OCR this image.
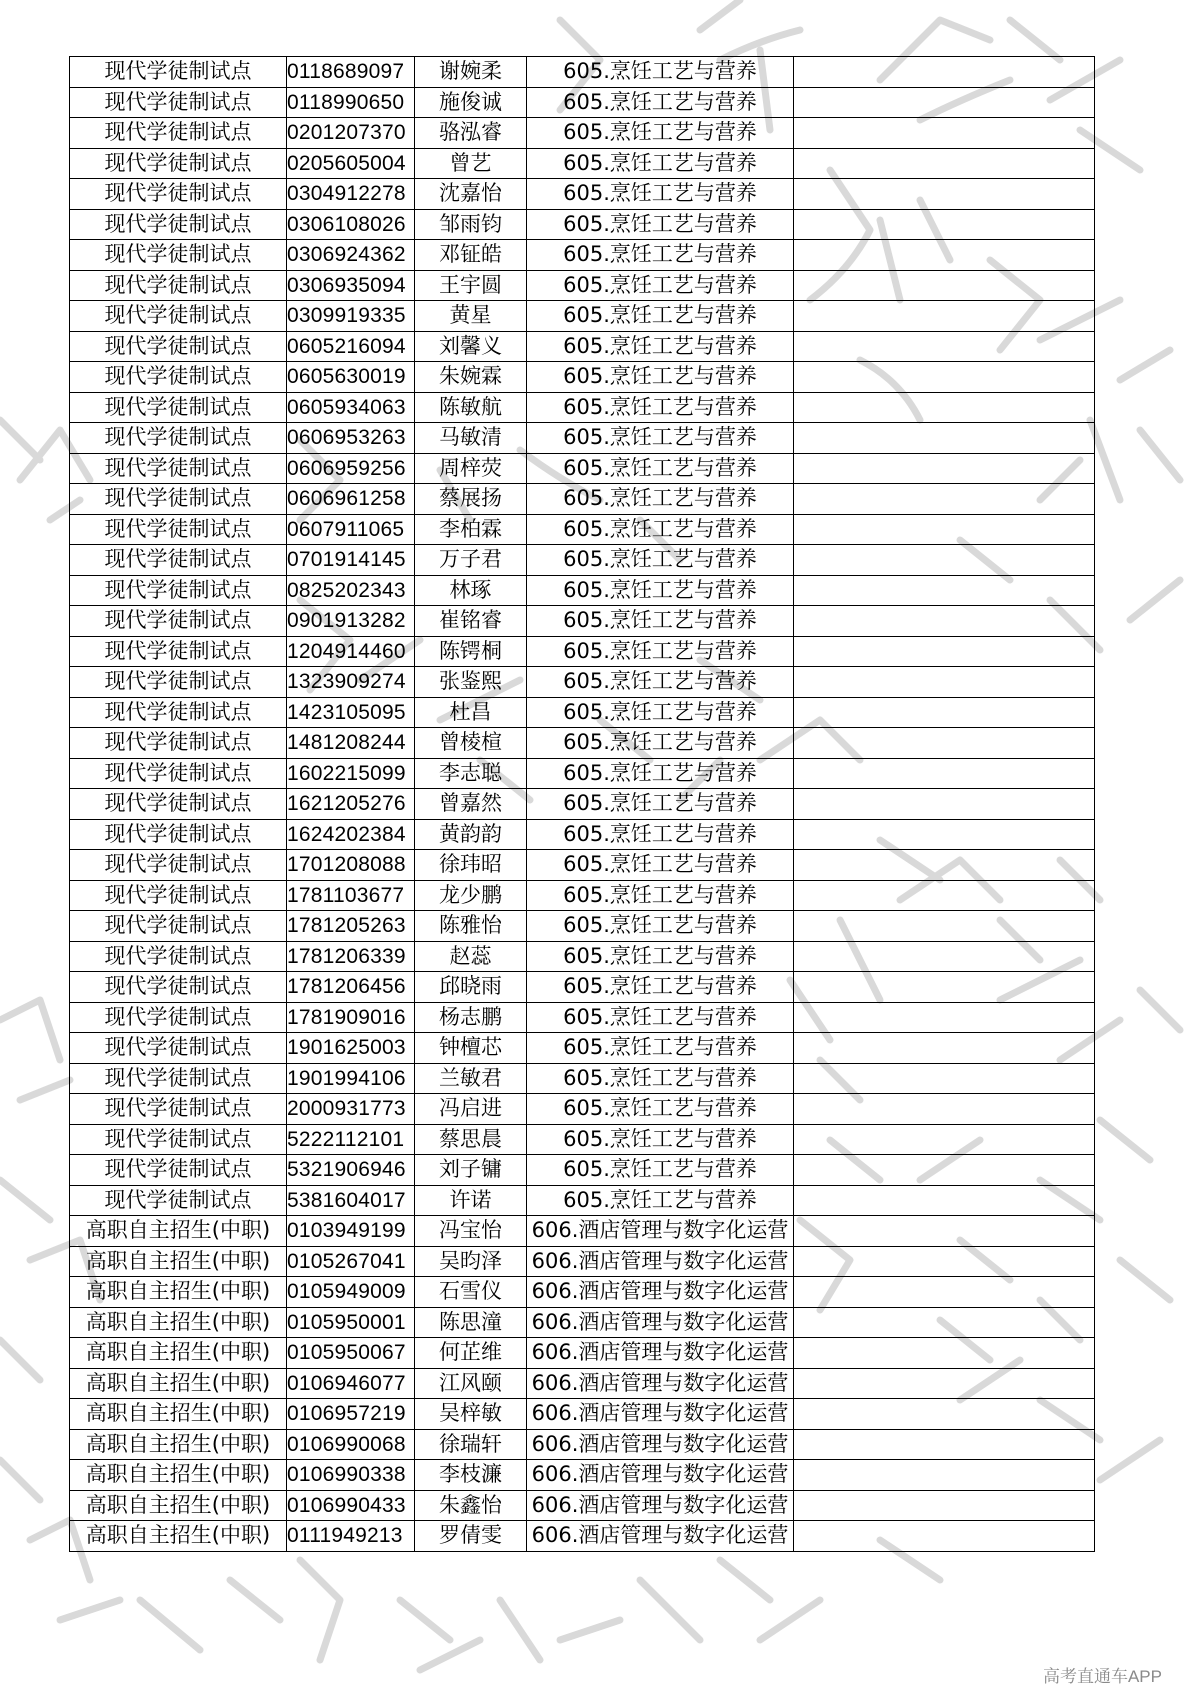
现代学徒制试点	0118689097	谢婉柔	605.烹饪工艺与营养	
现代学徒制试点	0118990650	施俊诚	605.烹饪工艺与营养	
现代学徒制试点	0201207370	骆泓睿	605.烹饪工艺与营养	
现代学徒制试点	0205605004	曾艺	605.烹饪工艺与营养	
现代学徒制试点	0304912278	沈嘉怡	605.烹饪工艺与营养	
现代学徒制试点	0306108026	邹雨钧	605.烹饪工艺与营养	
现代学徒制试点	0306924362	邓钲皓	605.烹饪工艺与营养	
现代学徒制试点	0306935094	王宇圆	605.烹饪工艺与营养	
现代学徒制试点	0309919335	黄星	605.烹饪工艺与营养	
现代学徒制试点	0605216094	刘馨义	605.烹饪工艺与营养	
现代学徒制试点	0605630019	朱婉霖	605.烹饪工艺与营养	
现代学徒制试点	0605934063	陈敏航	605.烹饪工艺与营养	
现代学徒制试点	0606953263	马敏清	605.烹饪工艺与营养	
现代学徒制试点	0606959256	周梓荧	605.烹饪工艺与营养	
现代学徒制试点	0606961258	蔡展扬	605.烹饪工艺与营养	
现代学徒制试点	0607911065	李柏霖	605.烹饪工艺与营养	
现代学徒制试点	0701914145	万子君	605.烹饪工艺与营养	
现代学徒制试点	0825202343	林琢	605.烹饪工艺与营养	
现代学徒制试点	0901913282	崔铭睿	605.烹饪工艺与营养	
现代学徒制试点	1204914460	陈锷桐	605.烹饪工艺与营养	
现代学徒制试点	1323909274	张鉴熙	605.烹饪工艺与营养	
现代学徒制试点	1423105095	杜昌	605.烹饪工艺与营养	
现代学徒制试点	1481208244	曾棱楦	605.烹饪工艺与营养	
现代学徒制试点	1602215099	李志聪	605.烹饪工艺与营养	
现代学徒制试点	1621205276	曾嘉然	605.烹饪工艺与营养	
现代学徒制试点	1624202384	黄韵韵	605.烹饪工艺与营养	
现代学徒制试点	1701208088	徐玮昭	605.烹饪工艺与营养	
现代学徒制试点	1781103677	龙少鹏	605.烹饪工艺与营养	
现代学徒制试点	1781205263	陈雅怡	605.烹饪工艺与营养	
现代学徒制试点	1781206339	赵蕊	605.烹饪工艺与营养	
现代学徒制试点	1781206456	邱晓雨	605.烹饪工艺与营养	
现代学徒制试点	1781909016	杨志鹏	605.烹饪工艺与营养	
现代学徒制试点	1901625003	钟檀芯	605.烹饪工艺与营养	
现代学徒制试点	1901994106	兰敏君	605.烹饪工艺与营养	
现代学徒制试点	2000931773	冯启进	605.烹饪工艺与营养	
现代学徒制试点	5222112101	蔡思晨	605.烹饪工艺与营养	
现代学徒制试点	5321906946	刘子镛	605.烹饪工艺与营养	
现代学徒制试点	5381604017	许诺	605.烹饪工艺与营养	
高职自主招生(中职)	0103949199	冯宝怡	606.酒店管理与数字化运营	
高职自主招生(中职)	0105267041	吴昀泽	606.酒店管理与数字化运营	
高职自主招生(中职)	0105949009	石雪仪	606.酒店管理与数字化运营	
高职自主招生(中职)	0105950001	陈思潼	606.酒店管理与数字化运营	
高职自主招生(中职)	0105950067	何芷维	606.酒店管理与数字化运营	
高职自主招生(中职)	0106946077	江风颐	606.酒店管理与数字化运营	
高职自主招生(中职)	0106957219	吴梓敏	606.酒店管理与数字化运营	
高职自主招生(中职)	0106990068	徐瑞轩	606.酒店管理与数字化运营	
高职自主招生(中职)	0106990338	李枝濂	606.酒店管理与数字化运营	
高职自主招生(中职)	0106990433	朱鑫怡	606.酒店管理与数字化运营	
高职自主招生(中职)	0111949213	罗倩雯	606.酒店管理与数字化运营	
高考直通车APP
